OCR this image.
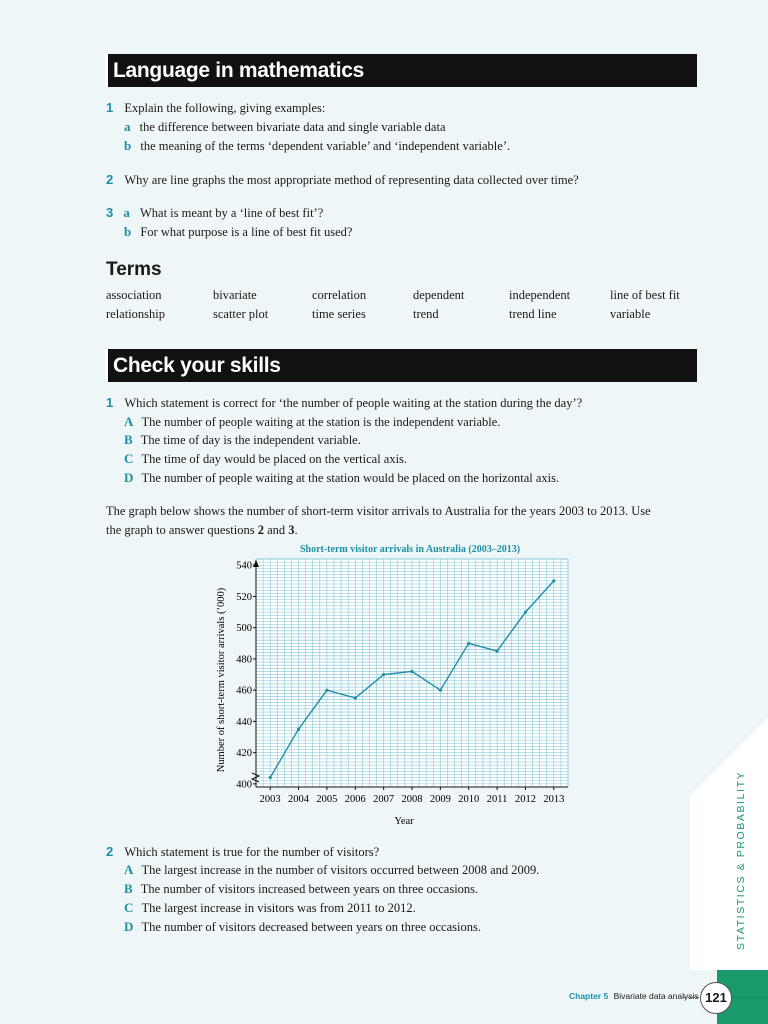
Language in mathematics
1 Explain the following, giving examples:
a the difference between bivariate data and single variable data
b the meaning of the terms ‘dependent variable’ and ‘independent variable’.
2 Why are line graphs the most appropriate method of representing data collected over time?
3 a What is meant by a ‘line of best fit’?
b For what purpose is a line of best fit used?
Terms
association	bivariate	correlation	dependent	independent	line of best fit
relationship	scatter plot	time series	trend	trend line	variable
Check your skills
1 Which statement is correct for ‘the number of people waiting at the station during the day’?
A The number of people waiting at the station is the independent variable.
B The time of day is the independent variable.
C The time of day would be placed on the vertical axis.
D The number of people waiting at the station would be placed on the horizontal axis.
The graph below shows the number of short-term visitor arrivals to Australia for the years 2003 to 2013. Use
the graph to answer questions 2 and 3.
Short-term visitor arrivals in Australia (2003–2013)
400
420
440
460
480
500
520
540
2003 2004 2005 2006 2007 2008 2009 2010 2011 2012 2013
Year
Number of short-term visitor arrivals (’000)
2 Which statement is true for the number of visitors?
A The largest increase in the number of visitors occurred between 2008 and 2009.
B The number of visitors increased between years on three occasions.
C The largest increase in visitors was from 2011 to 2012.
D The number of visitors decreased between years on three occasions.	STATISTICS & PROBABILITY
Chapter 5 Bivariate data analysis 121
